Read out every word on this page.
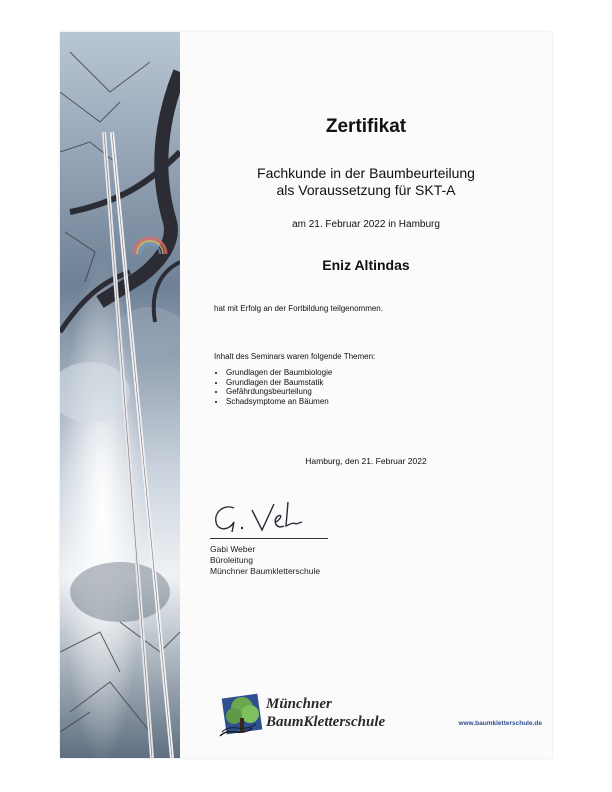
Zertifikat
Fachkunde in der Baumbeurteilung
als Voraussetzung für SKT-A
am 21. Februar 2022 in Hamburg
Eniz Altindas
hat mit Erfolg an der Fortbildung teilgenommen.
Inhalt des Seminars waren folgende Themen:
• Grundlagen der Baumbiologie
• Grundlagen der Baumstatik
• Gefährdungsbeurteilung
• Schadsymptome an Bäumen
Hamburg, den 21. Februar 2022
Gabi Weber
Büroleitung
Münchner Baumkletterschule
Münchner
BaumKletterschule	www.baumkletterschule.de
